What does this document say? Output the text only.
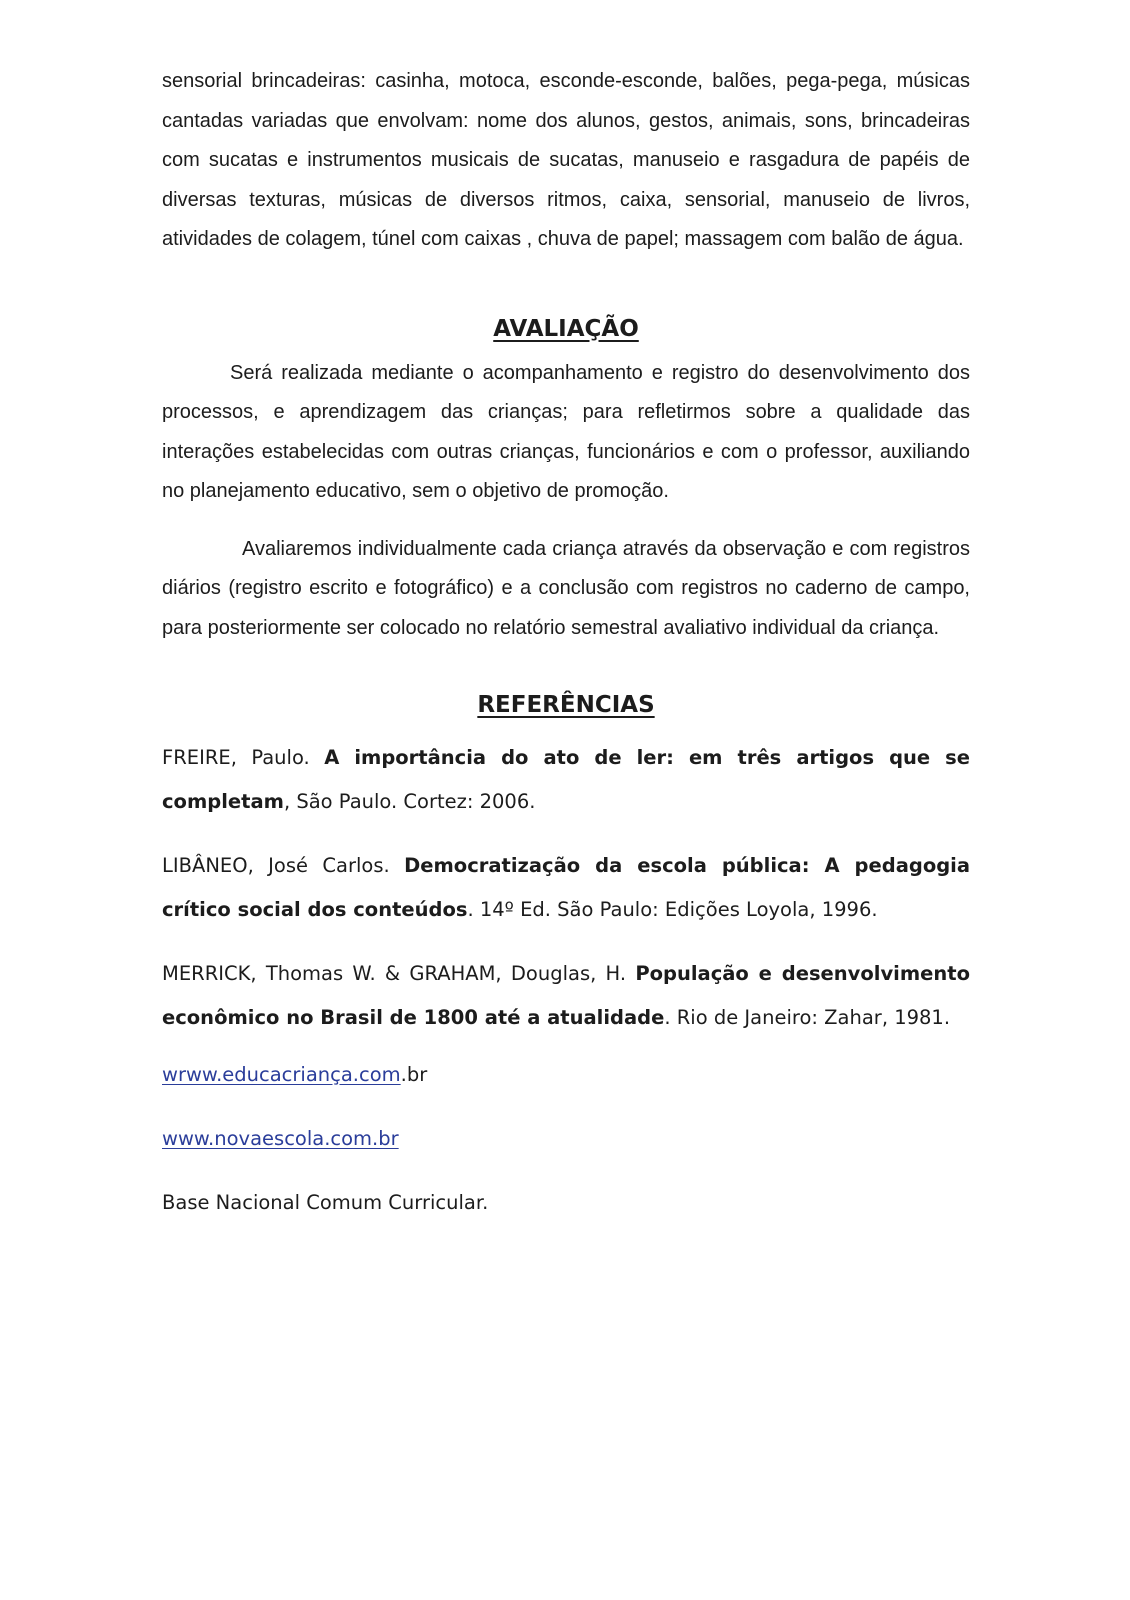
sensorial brincadeiras: casinha, motoca, esconde-esconde, balões, pega-pega, músicas cantadas variadas que envolvam: nome dos alunos, gestos, animais, sons, brincadeiras com sucatas e instrumentos musicais de sucatas, manuseio e rasgadura de papéis de diversas texturas, músicas de diversos ritmos, caixa, sensorial, manuseio de livros, atividades de colagem, túnel com caixas , chuva de papel; massagem com balão de água.

AVALIAÇÃO

Será realizada mediante o acompanhamento e registro do desenvolvimento dos processos, e aprendizagem das crianças; para refletirmos sobre a qualidade das interações estabelecidas com outras crianças, funcionários e com o professor, auxiliando no planejamento educativo, sem o objetivo de promoção.

Avaliaremos individualmente cada criança através da observação e com registros diários (registro escrito e fotográfico) e a conclusão com registros no caderno de campo, para posteriormente ser colocado no relatório semestral avaliativo individual da criança.

REFERÊNCIAS

FREIRE, Paulo. A importância do ato de ler: em três artigos que se completam, São Paulo. Cortez: 2006.

LIBÂNEO, José Carlos. Democratização da escola pública: A pedagogia crítico social dos conteúdos. 14º Ed. São Paulo: Edições Loyola, 1996.

MERRICK, Thomas W. & GRAHAM, Douglas, H. População e desenvolvimento econômico no Brasil de 1800 até a atualidade. Rio de Janeiro: Zahar, 1981.

wrww.educacriança.com.br

www.novaescola.com.br

Base Nacional Comum Curricular.
